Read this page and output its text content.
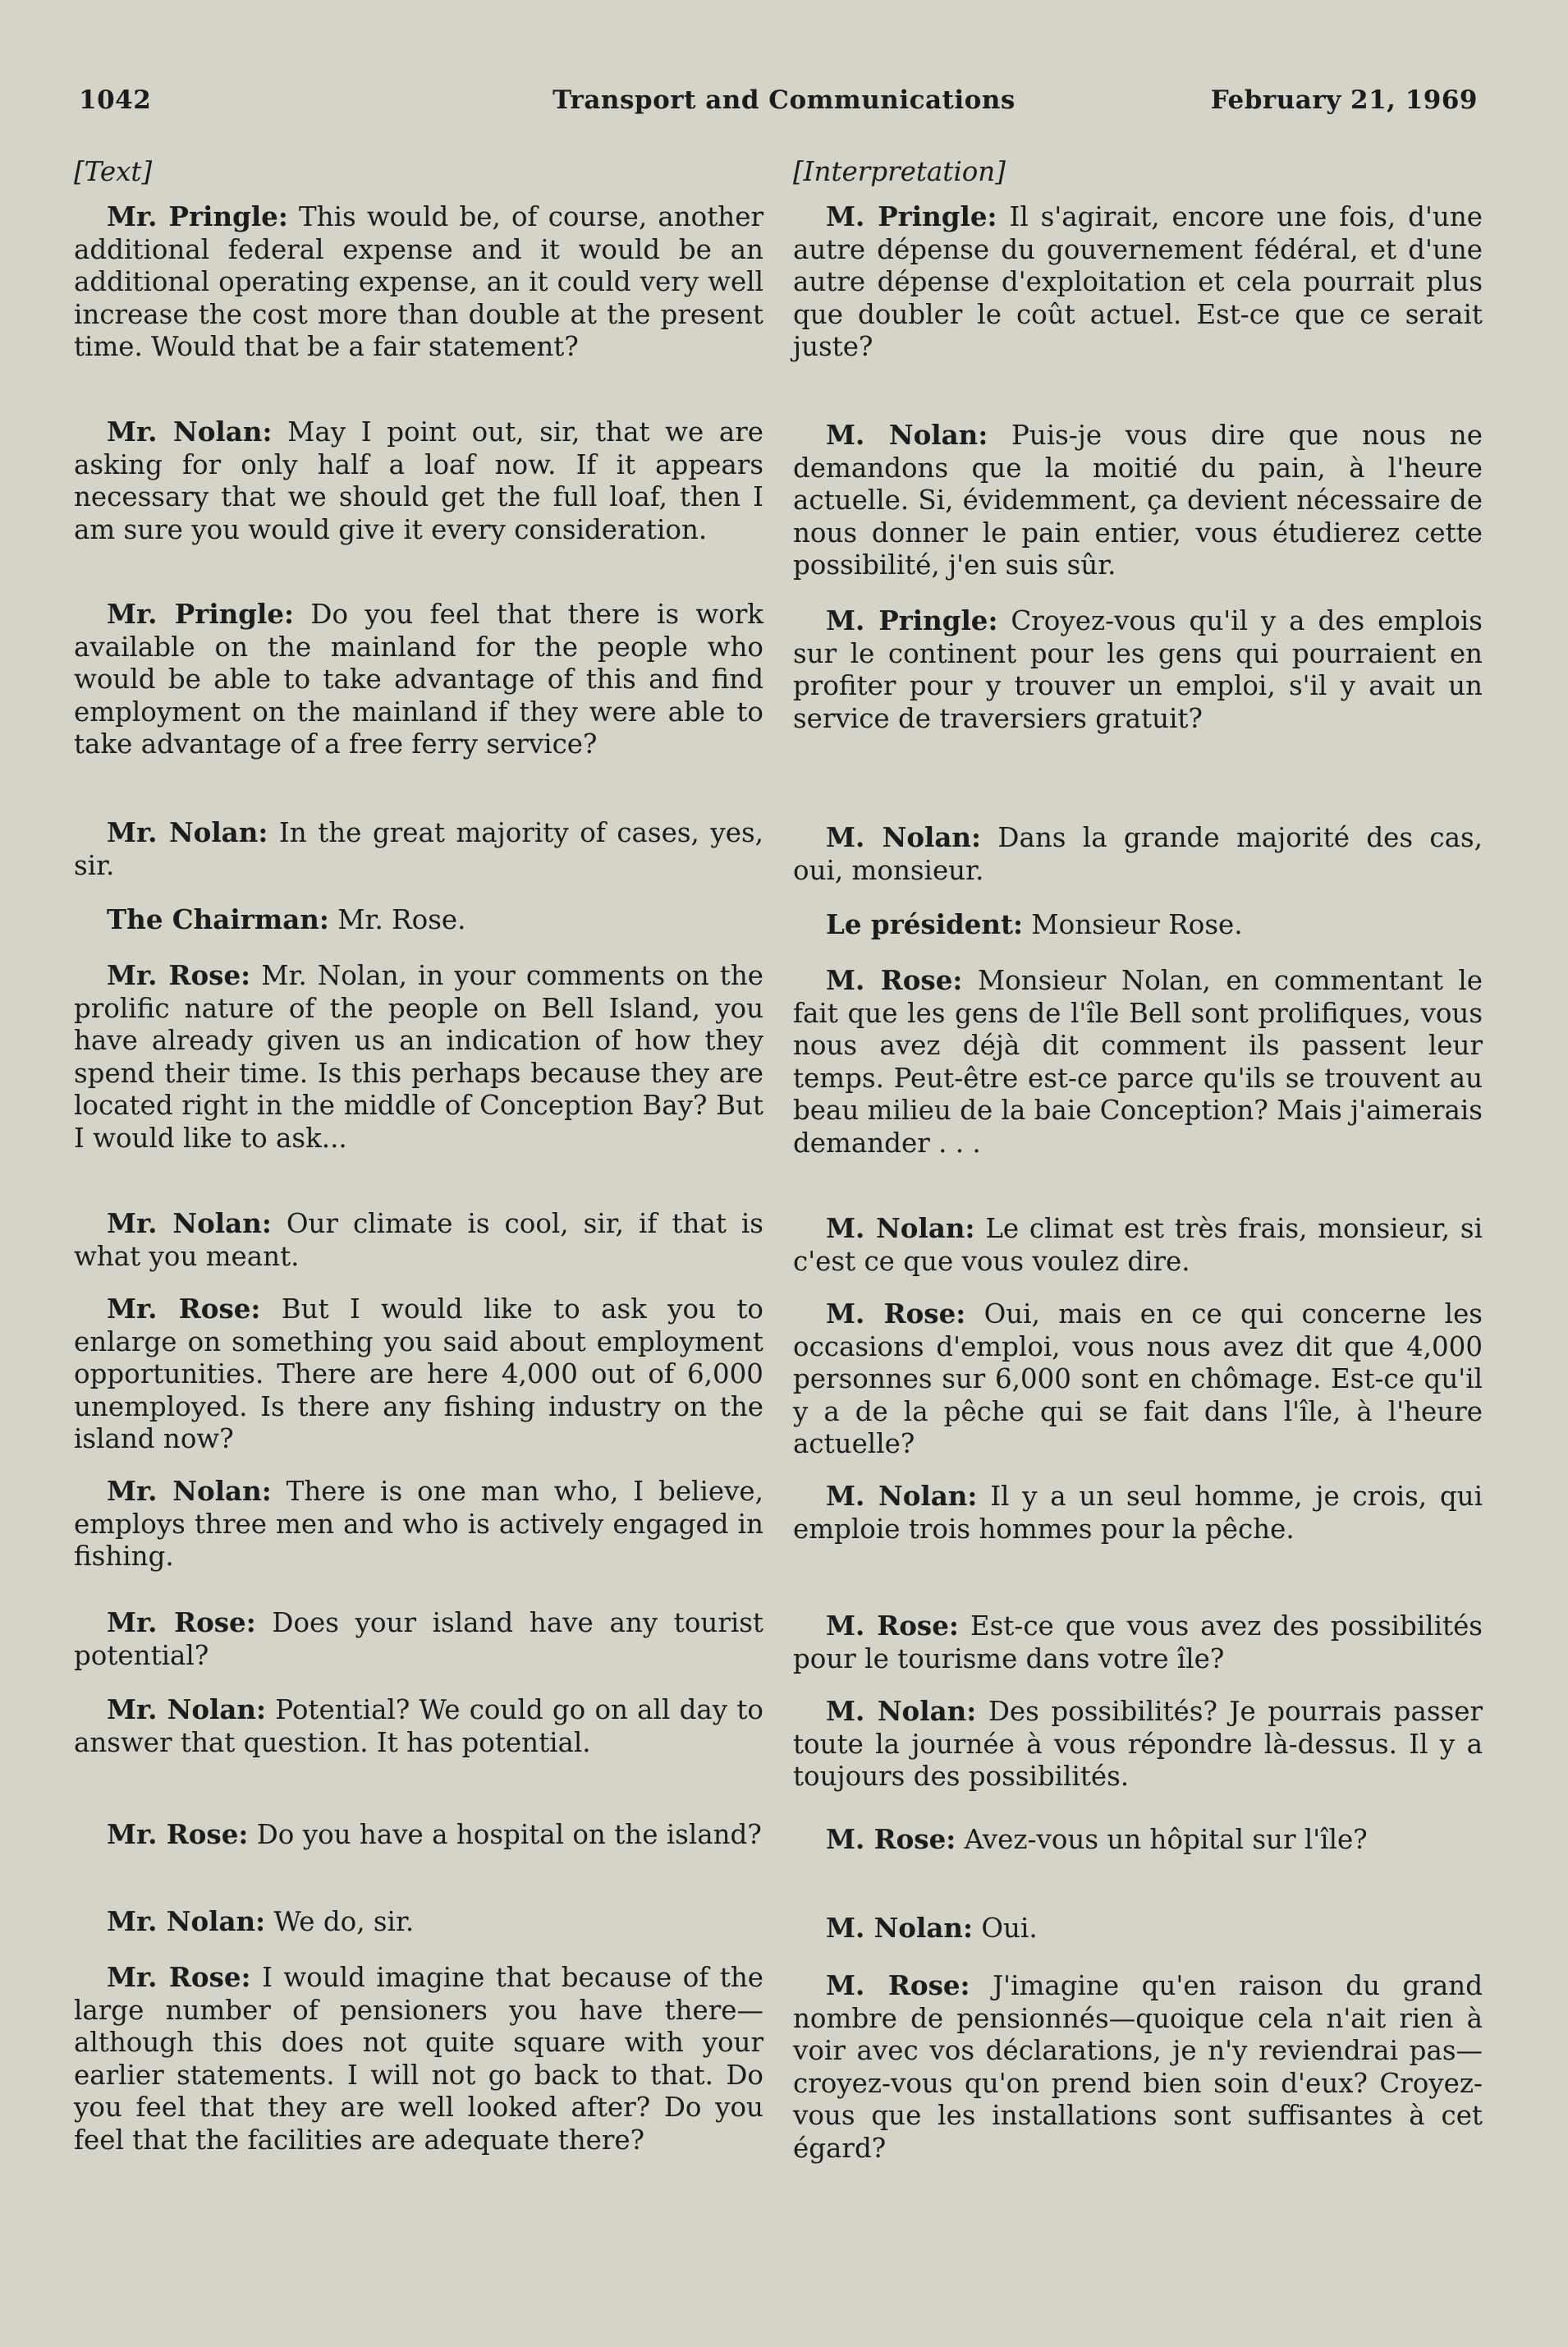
1042	Transport and Communications	February 21, 1969

[Text]

Mr. Pringle: This would be, of course, another additional federal expense and it would be an additional operating expense, an it could very well increase the cost more than double at the present time. Would that be a fair statement?

Mr. Nolan: May I point out, sir, that we are asking for only half a loaf now. If it appears necessary that we should get the full loaf, then I am sure you would give it every consideration.

Mr. Pringle: Do you feel that there is work available on the mainland for the people who would be able to take advantage of this and find employment on the mainland if they were able to take advantage of a free ferry service?

Mr. Nolan: In the great majority of cases, yes, sir.

The Chairman: Mr. Rose.

Mr. Rose: Mr. Nolan, in your comments on the prolific nature of the people on Bell Island, you have already given us an indication of how they spend their time. Is this perhaps because they are located right in the middle of Conception Bay? But I would like to ask...

Mr. Nolan: Our climate is cool, sir, if that is what you meant.

Mr. Rose: But I would like to ask you to enlarge on something you said about employment opportunities. There are here 4,000 out of 6,000 unemployed. Is there any fishing industry on the island now?

Mr. Nolan: There is one man who, I believe, employs three men and who is actively engaged in fishing.

Mr. Rose: Does your island have any tourist potential?

Mr. Nolan: Potential? We could go on all day to answer that question. It has potential.

Mr. Rose: Do you have a hospital on the island?

Mr. Nolan: We do, sir.

Mr. Rose: I would imagine that because of the large number of pensioners you have there—although this does not quite square with your earlier statements. I will not go back to that. Do you feel that they are well looked after? Do you feel that the facilities are adequate there?

[Interpretation]

M. Pringle: Il s'agirait, encore une fois, d'une autre dépense du gouvernement fédéral, et d'une autre dépense d'exploitation et cela pourrait plus que doubler le coût actuel. Est-ce que ce serait juste?

M. Nolan: Puis-je vous dire que nous ne demandons que la moitié du pain, à l'heure actuelle. Si, évidemment, ça devient nécessaire de nous donner le pain entier, vous étudierez cette possibilité, j'en suis sûr.

M. Pringle: Croyez-vous qu'il y a des emplois sur le continent pour les gens qui pourraient en profiter pour y trouver un emploi, s'il y avait un service de traversiers gratuit?

M. Nolan: Dans la grande majorité des cas, oui, monsieur.

Le président: Monsieur Rose.

M. Rose: Monsieur Nolan, en commentant le fait que les gens de l'île Bell sont prolifiques, vous nous avez déjà dit comment ils passent leur temps. Peut-être est-ce parce qu'ils se trouvent au beau milieu de la baie Conception? Mais j'aimerais demander . . .

M. Nolan: Le climat est très frais, monsieur, si c'est ce que vous voulez dire.

M. Rose: Oui, mais en ce qui concerne les occasions d'emploi, vous nous avez dit que 4,000 personnes sur 6,000 sont en chômage. Est-ce qu'il y a de la pêche qui se fait dans l'île, à l'heure actuelle?

M. Nolan: Il y a un seul homme, je crois, qui emploie trois hommes pour la pêche.

M. Rose: Est-ce que vous avez des possibilités pour le tourisme dans votre île?

M. Nolan: Des possibilités? Je pourrais passer toute la journée à vous répondre là-dessus. Il y a toujours des possibilités.

M. Rose: Avez-vous un hôpital sur l'île?

M. Nolan: Oui.

M. Rose: J'imagine qu'en raison du grand nombre de pensionnés—quoique cela n'ait rien à voir avec vos déclarations, je n'y reviendrai pas—croyez-vous qu'on prend bien soin d'eux? Croyez-vous que les installations sont suffisantes à cet égard?
